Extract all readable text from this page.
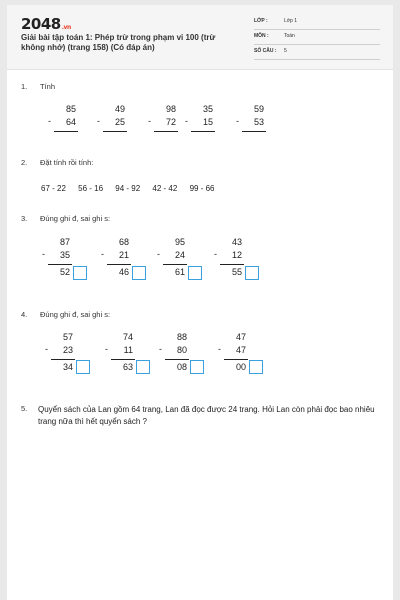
2048.vn
Giải bài tập toán 1: Phép trừ trong phạm vi 100 (trừ không nhớ) (trang 158) (Có đáp án)
LỚP :	Lớp 1
MÔN :	Toán
SỐ CÂU : 5
1. Tính
85
- 64
49
- 25
98
- 72
35
- 15
59
- 53
2. Đặt tính rồi tính:
67 - 22 56 - 16 94 - 92 42 - 42 99 - 66
3. Đúng ghi đ, sai ghi s:
87
- 35
52
68
- 21
46
95
- 24
61
43
- 12
55
4. Đúng ghi đ, sai ghi s:
57
- 23
34
74
- 11
63
88
- 80
08
47
- 47
00
5. Quyển sách của Lan gồm 64 trang, Lan đã đọc được 24 trang. Hỏi Lan còn phải đọc bao nhiêu trang nữa thì hết quyển sách ?
